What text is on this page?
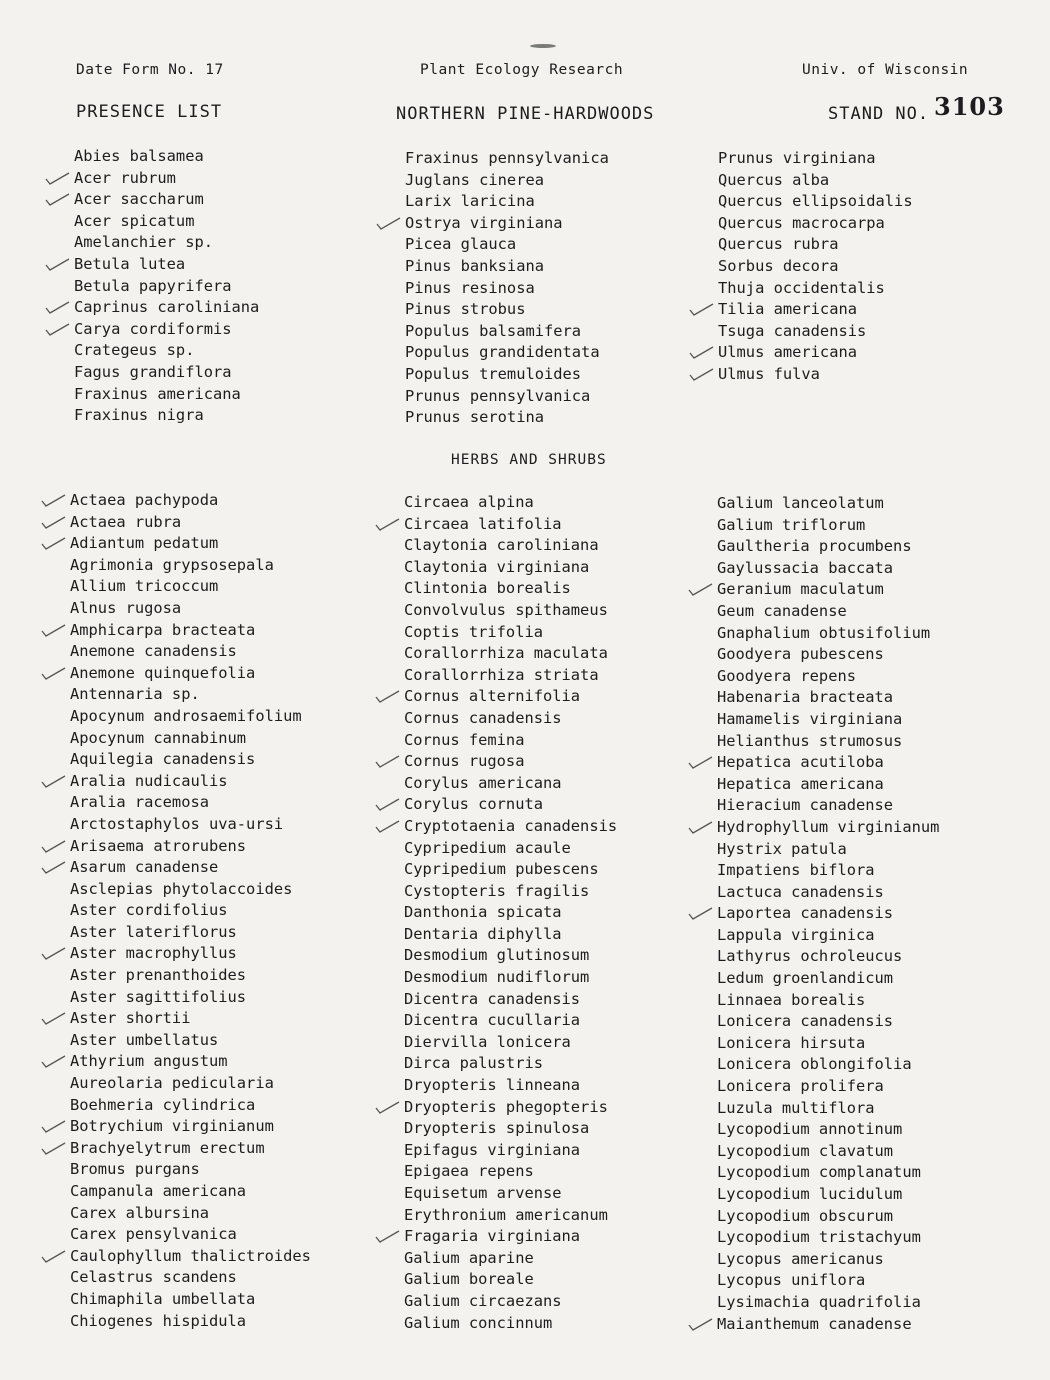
Date Form No. 17	Plant Ecology Research	Univ. of Wisconsin
PRESENCE LIST	NORTHERN PINE-HARDWOODS	STAND NO. 3103
Abies balsamea
Acer rubrum
Acer saccharum
Acer spicatum
Amelanchier sp.
Betula lutea
Betula papyrifera
Caprinus caroliniana
Carya cordiformis
Crategeus sp.
Fagus grandiflora
Fraxinus americana
Fraxinus nigra
Fraxinus pennsylvanica
Juglans cinerea
Larix laricina
Ostrya virginiana
Picea glauca
Pinus banksiana
Pinus resinosa
Pinus strobus
Populus balsamifera
Populus grandidentata
Populus tremuloides
Prunus pennsylvanica
Prunus serotina
Prunus virginiana
Quercus alba
Quercus ellipsoidalis
Quercus macrocarpa
Quercus rubra
Sorbus decora
Thuja occidentalis
Tilia americana
Tsuga canadensis
Ulmus americana
Ulmus fulva
HERBS AND SHRUBS
Actaea pachypoda
Actaea rubra
Adiantum pedatum
Agrimonia grypsosepala
Allium tricoccum
Alnus rugosa
Amphicarpa bracteata
Anemone canadensis
Anemone quinquefolia
Antennaria sp.
Apocynum androsaemifolium
Apocynum cannabinum
Aquilegia canadensis
Aralia nudicaulis
Aralia racemosa
Arctostaphylos uva-ursi
Arisaema atrorubens
Asarum canadense
Asclepias phytolaccoides
Aster cordifolius
Aster lateriflorus
Aster macrophyllus
Aster prenanthoides
Aster sagittifolius
Aster shortii
Aster umbellatus
Athyrium angustum
Aureolaria pedicularia
Boehmeria cylindrica
Botrychium virginianum
Brachyelytrum erectum
Bromus purgans
Campanula americana
Carex albursina
Carex pensylvanica
Caulophyllum thalictroides
Celastrus scandens
Chimaphila umbellata
Chiogenes hispidula
Circaea alpina
Circaea latifolia
Claytonia caroliniana
Claytonia virginiana
Clintonia borealis
Convolvulus spithameus
Coptis trifolia
Corallorrhiza maculata
Corallorrhiza striata
Cornus alternifolia
Cornus canadensis
Cornus femina
Cornus rugosa
Corylus americana
Corylus cornuta
Cryptotaenia canadensis
Cypripedium acaule
Cypripedium pubescens
Cystopteris fragilis
Danthonia spicata
Dentaria diphylla
Desmodium glutinosum
Desmodium nudiflorum
Dicentra canadensis
Dicentra cucullaria
Diervilla lonicera
Dirca palustris
Dryopteris linneana
Dryopteris phegopteris
Dryopteris spinulosa
Epifagus virginiana
Epigaea repens
Equisetum arvense
Erythronium americanum
Fragaria virginiana
Galium aparine
Galium boreale
Galium circaezans
Galium concinnum
Galium lanceolatum
Galium triflorum
Gaultheria procumbens
Gaylussacia baccata
Geranium maculatum
Geum canadense
Gnaphalium obtusifolium
Goodyera pubescens
Goodyera repens
Habenaria bracteata
Hamamelis virginiana
Helianthus strumosus
Hepatica acutiloba
Hepatica americana
Hieracium canadense
Hydrophyllum virginianum
Hystrix patula
Impatiens biflora
Lactuca canadensis
Laportea canadensis
Lappula virginica
Lathyrus ochroleucus
Ledum groenlandicum
Linnaea borealis
Lonicera canadensis
Lonicera hirsuta
Lonicera oblongifolia
Lonicera prolifera
Luzula multiflora
Lycopodium annotinum
Lycopodium clavatum
Lycopodium complanatum
Lycopodium lucidulum
Lycopodium obscurum
Lycopodium tristachyum
Lycopus americanus
Lycopus uniflora
Lysimachia quadrifolia
Maianthemum canadense
